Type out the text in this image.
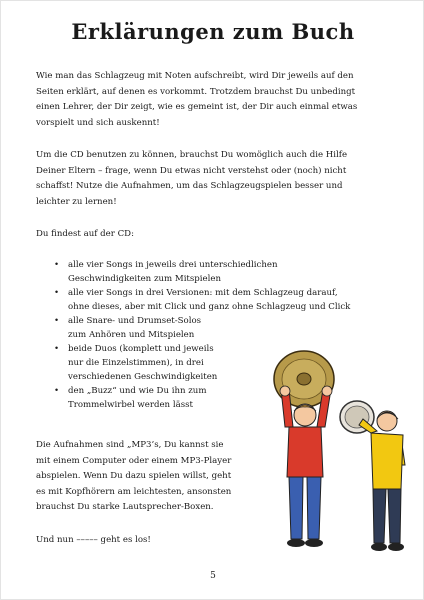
Erklärungen zum Buch
Wie man das Schlagzeug mit Noten aufschreibt, wird Dir jeweils auf den
Seiten erklärt, auf denen es vorkommt. Trotzdem brauchst Du unbedingt
einen Lehrer, der Dir zeigt, wie es gemeint ist, der Dir auch einmal etwas
vorspielt und sich auskennt!
Um die CD benutzen zu können, brauchst Du womöglich auch die Hilfe
Deiner Eltern – frage, wenn Du etwas nicht verstehst oder (noch) nicht
schaffst! Nutze die Aufnahmen, um das Schlagzeugspielen besser und
leichter zu lernen!
Du findest auf der CD:
• alle vier Songs in jeweils drei unterschiedlichen
Geschwindigkeiten zum Mitspielen
• alle vier Songs in drei Versionen: mit dem Schlagzeug darauf,
ohne dieses, aber mit Click und ganz ohne Schlagzeug und Click
• alle Snare- und Drumset-Solos
zum Anhören und Mitspielen
• beide Duos (komplett und jeweils
nur die Einzelstimmen), in drei
verschiedenen Geschwindigkeiten
• den „Buzz“ und wie Du ihn zum
Trommelwirbel werden lässt
Die Aufnahmen sind „MP3’s, Du kannst sie
mit einem Computer oder einem MP3-Player
abspielen. Wenn Du dazu spielen willst, geht
es mit Kopfhörern am leichtesten, ansonsten
brauchst Du starke Lautsprecher-Boxen.
Und nun ––––– geht es los!
5
